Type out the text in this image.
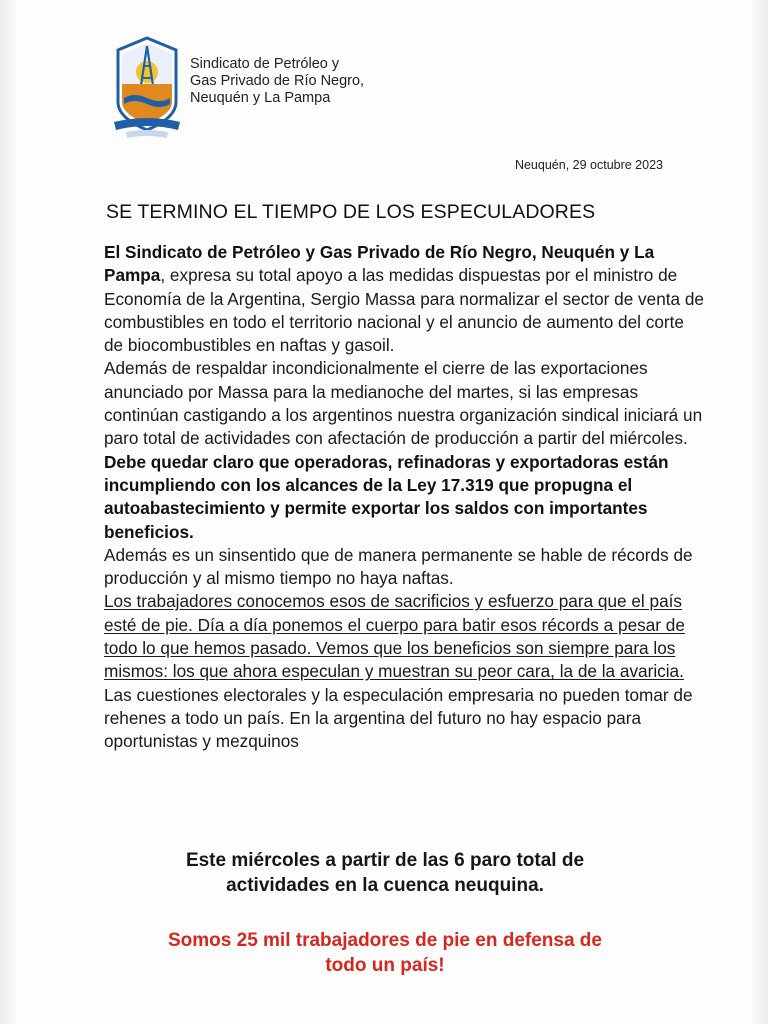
Sindicato de Petróleo y
Gas Privado de Río Negro,
Neuquén y La Pampa
Neuquén, 29 octubre 2023
SE TERMINO EL TIEMPO DE LOS ESPECULADORES

El Sindicato de Petróleo y Gas Privado de Río Negro, Neuquén y La Pampa, expresa su total apoyo a las medidas dispuestas por el ministro de Economía de la Argentina, Sergio Massa para normalizar el sector de venta de combustibles en todo el territorio nacional y el anuncio de aumento del corte de biocombustibles en naftas y gasoil.

Además de respaldar incondicionalmente el cierre de las exportaciones anunciado por Massa para la medianoche del martes, si las empresas continúan castigando a los argentinos nuestra organización sindical iniciará un paro total de actividades con afectación de producción a partir del miércoles.

Debe quedar claro que operadoras, refinadoras y exportadoras están incumpliendo con los alcances de la Ley 17.319 que propugna el autoabastecimiento y permite exportar los saldos con importantes beneficios.

Además es un sinsentido que de manera permanente se hable de récords de producción y al mismo tiempo no haya naftas.

Los trabajadores conocemos esos de sacrificios y esfuerzo para que el país esté de pie. Día a día ponemos el cuerpo para batir esos récords a pesar de todo lo que hemos pasado. Vemos que los beneficios son siempre para los mismos: los que ahora especulan y muestran su peor cara, la de la avaricia.

Las cuestiones electorales y la especulación empresaria no pueden tomar de rehenes a todo un país. En la argentina del futuro no hay espacio para oportunistas y mezquinos

Este miércoles a partir de las 6 paro total de
actividades en la cuenca neuquina.
Somos 25 mil trabajadores de pie en defensa de
todo un país!
